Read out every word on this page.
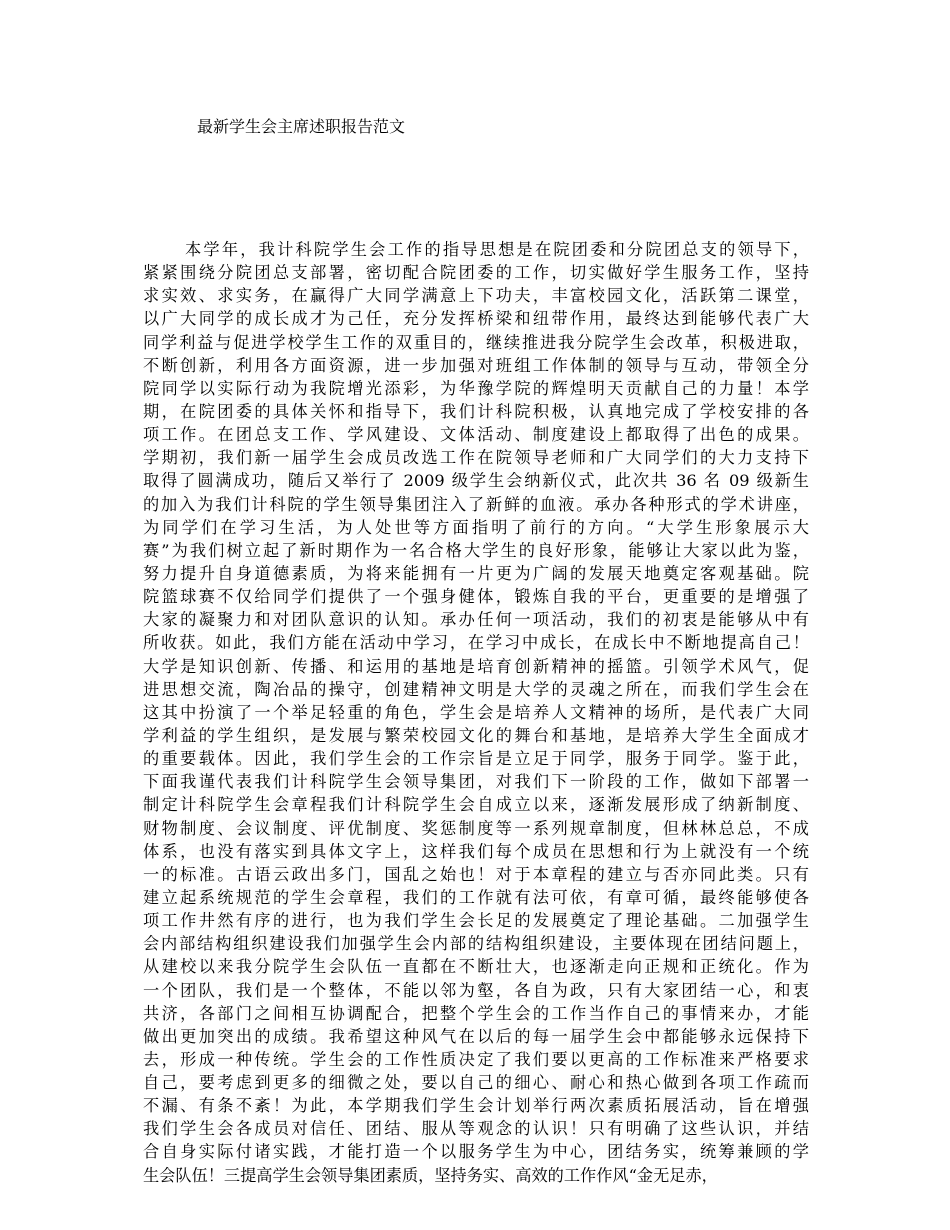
最新学生会主席述职报告范文
本学年，我计科院学生会工作的指导思想是在院团委和分院团总支的领导下，
紧紧围绕分院团总支部署，密切配合院团委的工作，切实做好学生服务工作，坚持
求实效、求实务，在赢得广大同学满意上下功夫，丰富校园文化，活跃第二课堂，
以广大同学的成长成才为己任，充分发挥桥梁和纽带作用，最终达到能够代表广大
同学利益与促进学校学生工作的双重目的，继续推进我分院学生会改革，积极进取，
不断创新，利用各方面资源，进一步加强对班组工作体制的领导与互动，带领全分
院同学以实际行动为我院增光添彩，为华豫学院的辉煌明天贡献自己的力量！本学
期，在院团委的具体关怀和指导下，我们计科院积极，认真地完成了学校安排的各
项工作。在团总支工作、学风建设、文体活动、制度建设上都取得了出色的成果。
学期初，我们新一届学生会成员改选工作在院领导老师和广大同学们的大力支持下
取得了圆满成功，随后又举行了 2009 级学生会纳新仪式，此次共 36 名 09 级新生
的加入为我们计科院的学生领导集团注入了新鲜的血液。承办各种形式的学术讲座，
为同学们在学习生活，为人处世等方面指明了前行的方向。“大学生形象展示大
赛”为我们树立起了新时期作为一名合格大学生的良好形象，能够让大家以此为鉴，
努力提升自身道德素质，为将来能拥有一片更为广阔的发展天地奠定客观基础。院
院篮球赛不仅给同学们提供了一个强身健体，锻炼自我的平台，更重要的是增强了
大家的凝聚力和对团队意识的认知。承办任何一项活动，我们的初衷是能够从中有
所收获。如此，我们方能在活动中学习，在学习中成长，在成长中不断地提高自己！
大学是知识创新、传播、和运用的基地是培育创新精神的摇篮。引领学术风气，促
进思想交流，陶冶品的操守，创建精神文明是大学的灵魂之所在，而我们学生会在
这其中扮演了一个举足轻重的角色，学生会是培养人文精神的场所，是代表广大同
学利益的学生组织，是发展与繁荣校园文化的舞台和基地，是培养大学生全面成才
的重要载体。因此，我们学生会的工作宗旨是立足于同学，服务于同学。鉴于此，
下面我谨代表我们计科院学生会领导集团，对我们下一阶段的工作，做如下部署一
制定计科院学生会章程我们计科院学生会自成立以来，逐渐发展形成了纳新制度、
财物制度、会议制度、评优制度、奖惩制度等一系列规章制度，但林林总总，不成
体系，也没有落实到具体文字上，这样我们每个成员在思想和行为上就没有一个统
一的标准。古语云政出多门，国乱之始也！对于本章程的建立与否亦同此类。只有
建立起系统规范的学生会章程，我们的工作就有法可依，有章可循，最终能够使各
项工作井然有序的进行，也为我们学生会长足的发展奠定了理论基础。二加强学生
会内部结构组织建设我们加强学生会内部的结构组织建设，主要体现在团结问题上，
从建校以来我分院学生会队伍一直都在不断壮大，也逐渐走向正规和正统化。作为
一个团队，我们是一个整体，不能以邻为壑，各自为政，只有大家团结一心，和衷
共济，各部门之间相互协调配合，把整个学生会的工作当作自己的事情来办，才能
做出更加突出的成绩。我希望这种风气在以后的每一届学生会中都能够永远保持下
去，形成一种传统。学生会的工作性质决定了我们要以更高的工作标准来严格要求
自己，要考虑到更多的细微之处，要以自己的细心、耐心和热心做到各项工作疏而
不漏、有条不紊！为此，本学期我们学生会计划举行两次素质拓展活动，旨在增强
我们学生会各成员对信任、团结、服从等观念的认识！只有明确了这些认识，并结
合自身实际付诸实践，才能打造一个以服务学生为中心，团结务实，统筹兼顾的学
生会队伍！三提高学生会领导集团素质，坚持务实、高效的工作作风“金无足赤，
